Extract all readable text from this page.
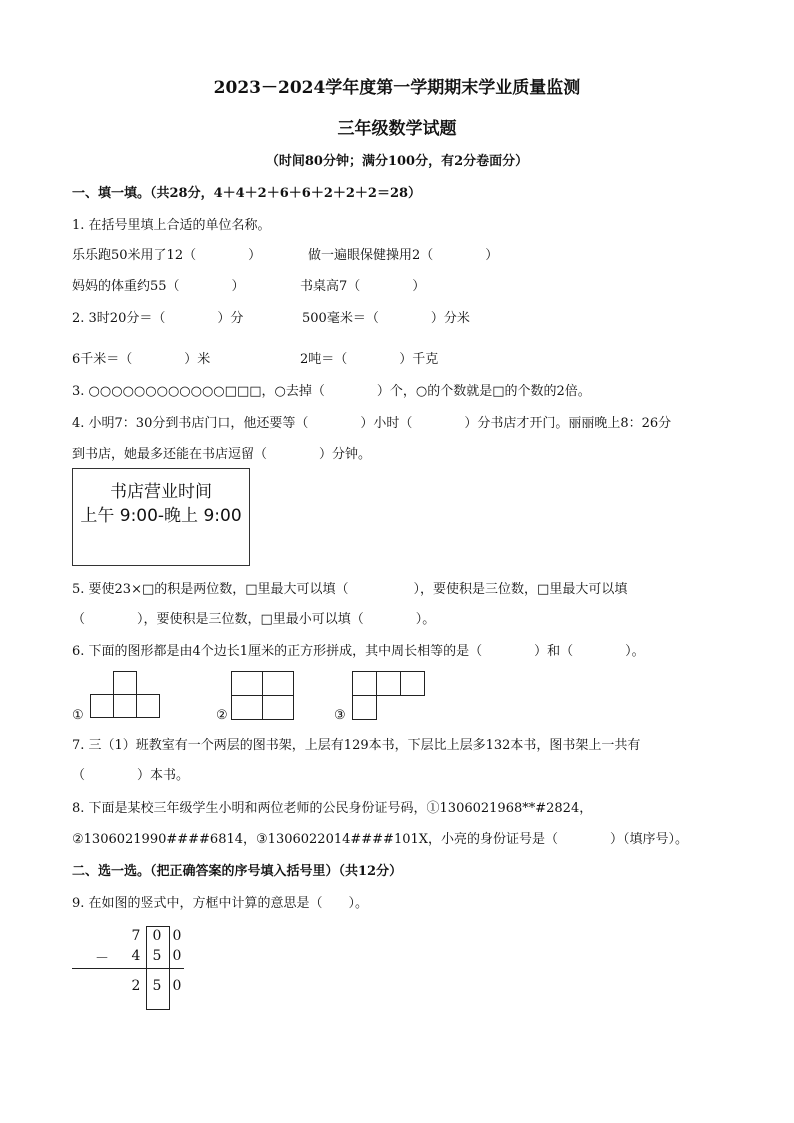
2023－2024学年度第一学期期末学业质量监测
三年级数学试题
（时间80分钟；满分100分，有2分卷面分）
一、填一填。（共28分，4＋4＋2＋6＋6＋2＋2＋2＝28）
1. 在括号里填上合适的单位名称。
乐乐跑50米用了12（　　　　）	做一遍眼保健操用2（　　　　）
妈妈的体重约55（　　　　）	书桌高7（　　　　）
2. 3时20分＝（　　　　）分	500毫米＝（　　　　）分米
6千米＝（　　　　）米	2吨＝（　　　　）千克
3. ○○○○○○○○○○○○□□□，○去掉（　　　　）个，○的个数就是□的个数的2倍。
4. 小明7：30分到书店门口，他还要等（　　　　）小时（　　　　）分书店才开门。丽丽晚上8：26分
到书店，她最多还能在书店逗留（　　　　）分钟。
书店营业时间
上午 9:00-晚上 9:00
5. 要使23×□的积是两位数，□里最大可以填（　　　　　），要使积是三位数，□里最大可以填
（　　　　），要使积是三位数，□里最小可以填（　　　　）。
6. 下面的图形都是由4个边长1厘米的正方形拼成，其中周长相等的是（　　　　）和（　　　　）。
①	②	③
7. 三（1）班教室有一个两层的图书架，上层有129本书，下层比上层多132本书，图书架上一共有
（　　　　）本书。
8. 下面是某校三年级学生小明和两位老师的公民身份证号码，①1306021968**#2824，
②1306021990####6814，③1306022014####101X，小亮的身份证号是（　　　　）（填序号）。
二、选一选。（把正确答案的序号填入括号里）（共12分）
9. 在如图的竖式中，方框中计算的意思是（　　）。
7 0 0
－ 4 5 0
2 5 0
